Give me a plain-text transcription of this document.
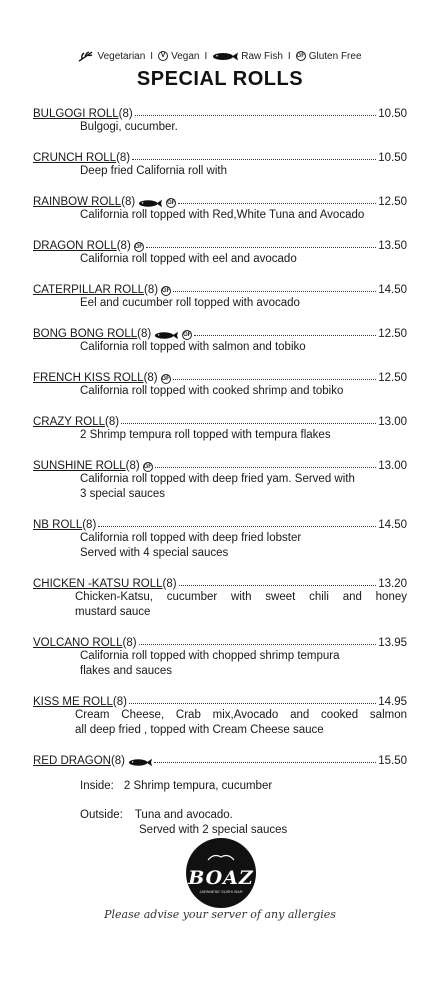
Vegetarian I	V Vegan I	Raw Fish I GF Gluten Free
SPECIAL ROLLS
BULGOGI ROLL (8)	10.50
Bulgogi, cucumber.
CRUNCH ROLL (8)	10.50
Deep fried California roll with
RAINBOW ROLL (8)	GF	12.50
California roll topped with Red,White Tuna and Avocado
DRAGON ROLL (8) GF	13.50
California roll topped with eel and avocado
CATERPILLAR ROLL (8) GF	14.50
Eel and cucumber roll topped with avocado
BONG BONG ROLL (8)	GF	12.50
California roll topped with salmon and tobiko
FRENCH KISS ROLL (8) GF	12.50
California roll topped with cooked shrimp and tobiko
CRAZY ROLL (8)	13.00
2 Shrimp tempura roll topped with tempura flakes
SUNSHINE ROLL (8) GF	13.00
California roll topped with deep fried yam. Served with
3 special sauces
NB ROLL (8)	14.50
California roll topped with deep fried lobster
Served with 4 special sauces
CHICKEN -KATSU ROLL (8)	13.20
Chicken-Katsu, cucumber with sweet chili and honey
mustard sauce
VOLCANO ROLL (8)	13.95
California roll topped with chopped shrimp tempura
flakes and sauces
KISS ME ROLL (8)	14.95
Cream Cheese, Crab mix,Avocado and cooked salmon
all deep fried , topped with Cream Cheese sauce
RED DRAGON (8)	15.50
Inside: 2 Shrimp tempura, cucumber
Outside: Tuna and avocado.
Served with 2 special sauces
BOAZ
JAPANESE SUSHI BAR
Please advise your server of any allergies
